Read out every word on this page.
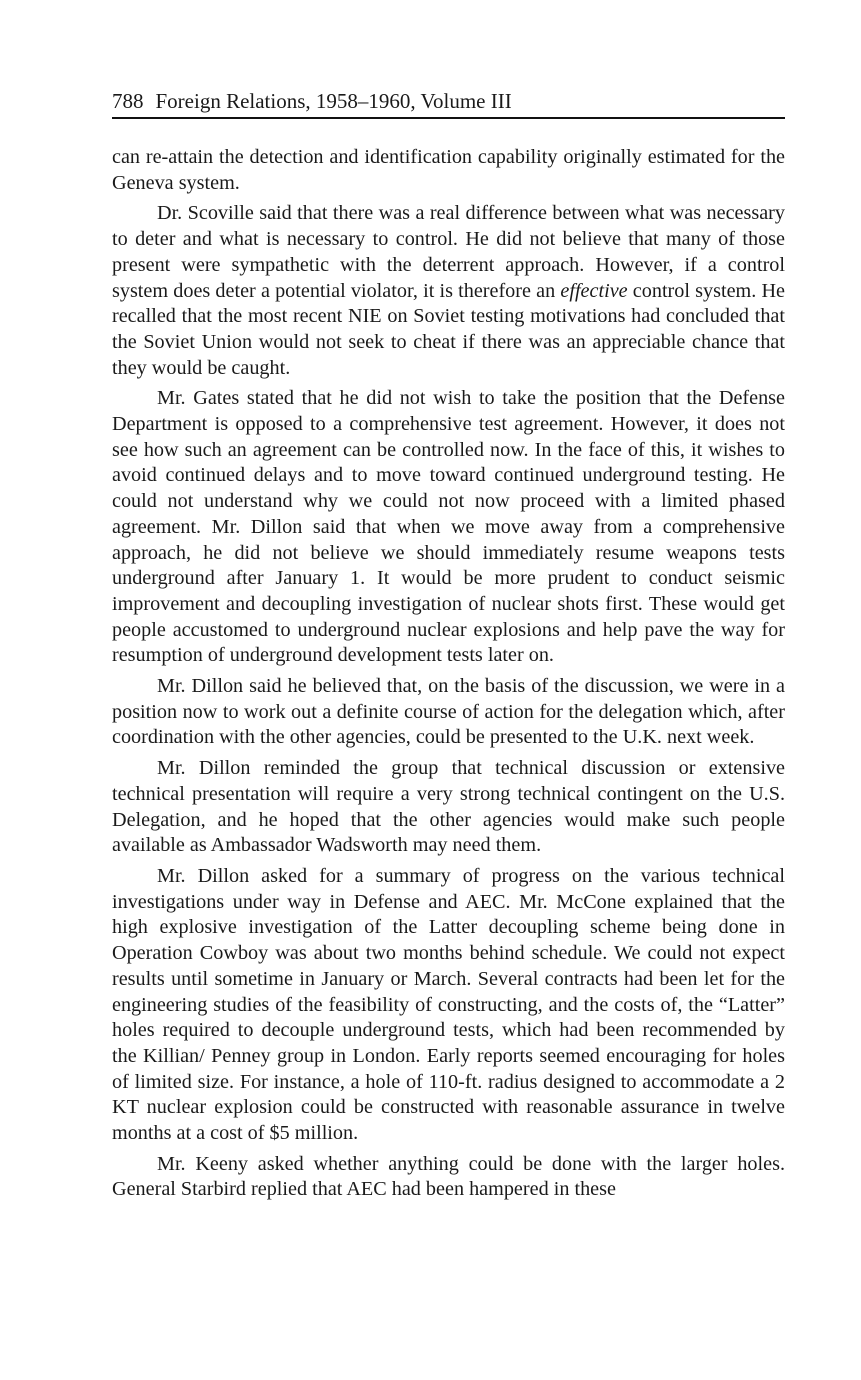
788 Foreign Relations, 1958–1960, Volume III

can re-attain the detection and identification capability originally estimated for the Geneva system.

Dr. Scoville said that there was a real difference between what was necessary to deter and what is necessary to control. He did not believe that many of those present were sympathetic with the deterrent approach. However, if a control system does deter a potential violator, it is therefore an effective control system. He recalled that the most recent NIE on Soviet testing motivations had concluded that the Soviet Union would not seek to cheat if there was an appreciable chance that they would be caught.

Mr. Gates stated that he did not wish to take the position that the Defense Department is opposed to a comprehensive test agreement. However, it does not see how such an agreement can be controlled now. In the face of this, it wishes to avoid continued delays and to move toward continued underground testing. He could not understand why we could not now proceed with a limited phased agreement. Mr. Dillon said that when we move away from a comprehensive approach, he did not believe we should immediately resume weapons tests underground after January 1. It would be more prudent to conduct seismic improvement and decoupling investigation of nuclear shots first. These would get people accustomed to underground nuclear explosions and help pave the way for resumption of underground development tests later on.

Mr. Dillon said he believed that, on the basis of the discussion, we were in a position now to work out a definite course of action for the delegation which, after coordination with the other agencies, could be presented to the U.K. next week.

Mr. Dillon reminded the group that technical discussion or extensive technical presentation will require a very strong technical contingent on the U.S. Delegation, and he hoped that the other agencies would make such people available as Ambassador Wadsworth may need them.

Mr. Dillon asked for a summary of progress on the various technical investigations under way in Defense and AEC. Mr. McCone explained that the high explosive investigation of the Latter decoupling scheme being done in Operation Cowboy was about two months behind schedule. We could not expect results until sometime in January or March. Several contracts had been let for the engineering studies of the feasibility of constructing, and the costs of, the “Latter” holes required to decouple underground tests, which had been recommended by the Killian/ Penney group in London. Early reports seemed encouraging for holes of limited size. For instance, a hole of 110-ft. radius designed to accommodate a 2 KT nuclear explosion could be constructed with reasonable assurance in twelve months at a cost of $5 million.

Mr. Keeny asked whether anything could be done with the larger holes. General Starbird replied that AEC had been hampered in these
